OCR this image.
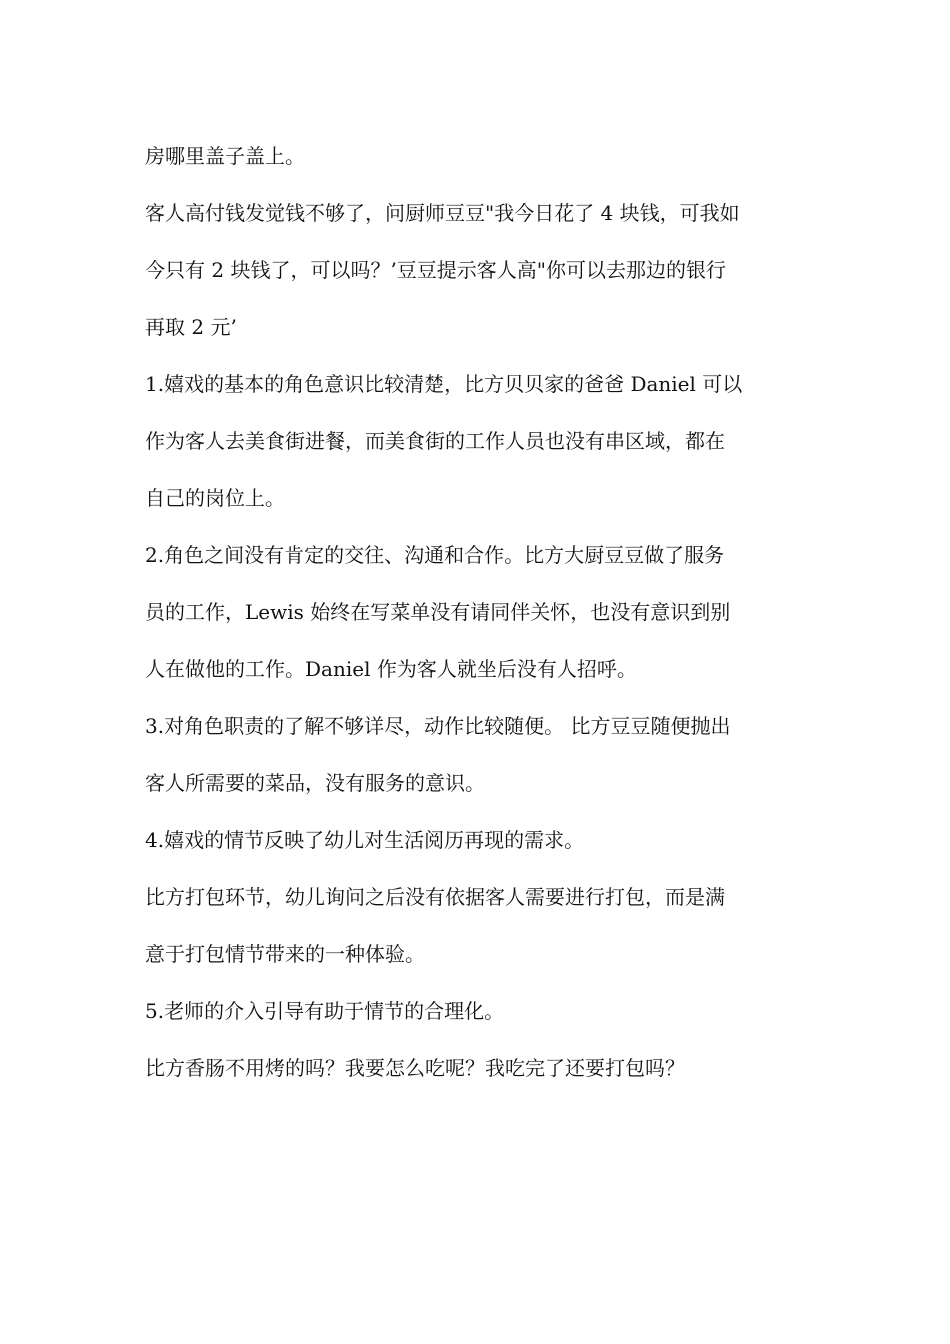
房哪里盖子盖上。
客人高付钱发觉钱不够了，问厨师豆豆"我今日花了 4 块钱，可我如
今只有 2 块钱了，可以吗？’豆豆提示客人高"你可以去那边的银行
再取 2 元’
1.嬉戏的基本的角色意识比较清楚，比方贝贝家的爸爸 Daniel 可以
作为客人去美食街进餐，而美食街的工作人员也没有串区域，都在
自己的岗位上。
2.角色之间没有肯定的交往、沟通和合作。比方大厨豆豆做了服务
员的工作，Lewis 始终在写菜单没有请同伴关怀，也没有意识到别
人在做他的工作。Daniel 作为客人就坐后没有人招呼。
3.对角色职责的了解不够详尽，动作比较随便。 比方豆豆随便抛出
客人所需要的菜品，没有服务的意识。
4.嬉戏的情节反映了幼儿对生活阅历再现的需求。
比方打包环节，幼儿询问之后没有依据客人需要进行打包，而是满
意于打包情节带来的一种体验。
5.老师的介入引导有助于情节的合理化。
比方香肠不用烤的吗？我要怎么吃呢？我吃完了还要打包吗？
